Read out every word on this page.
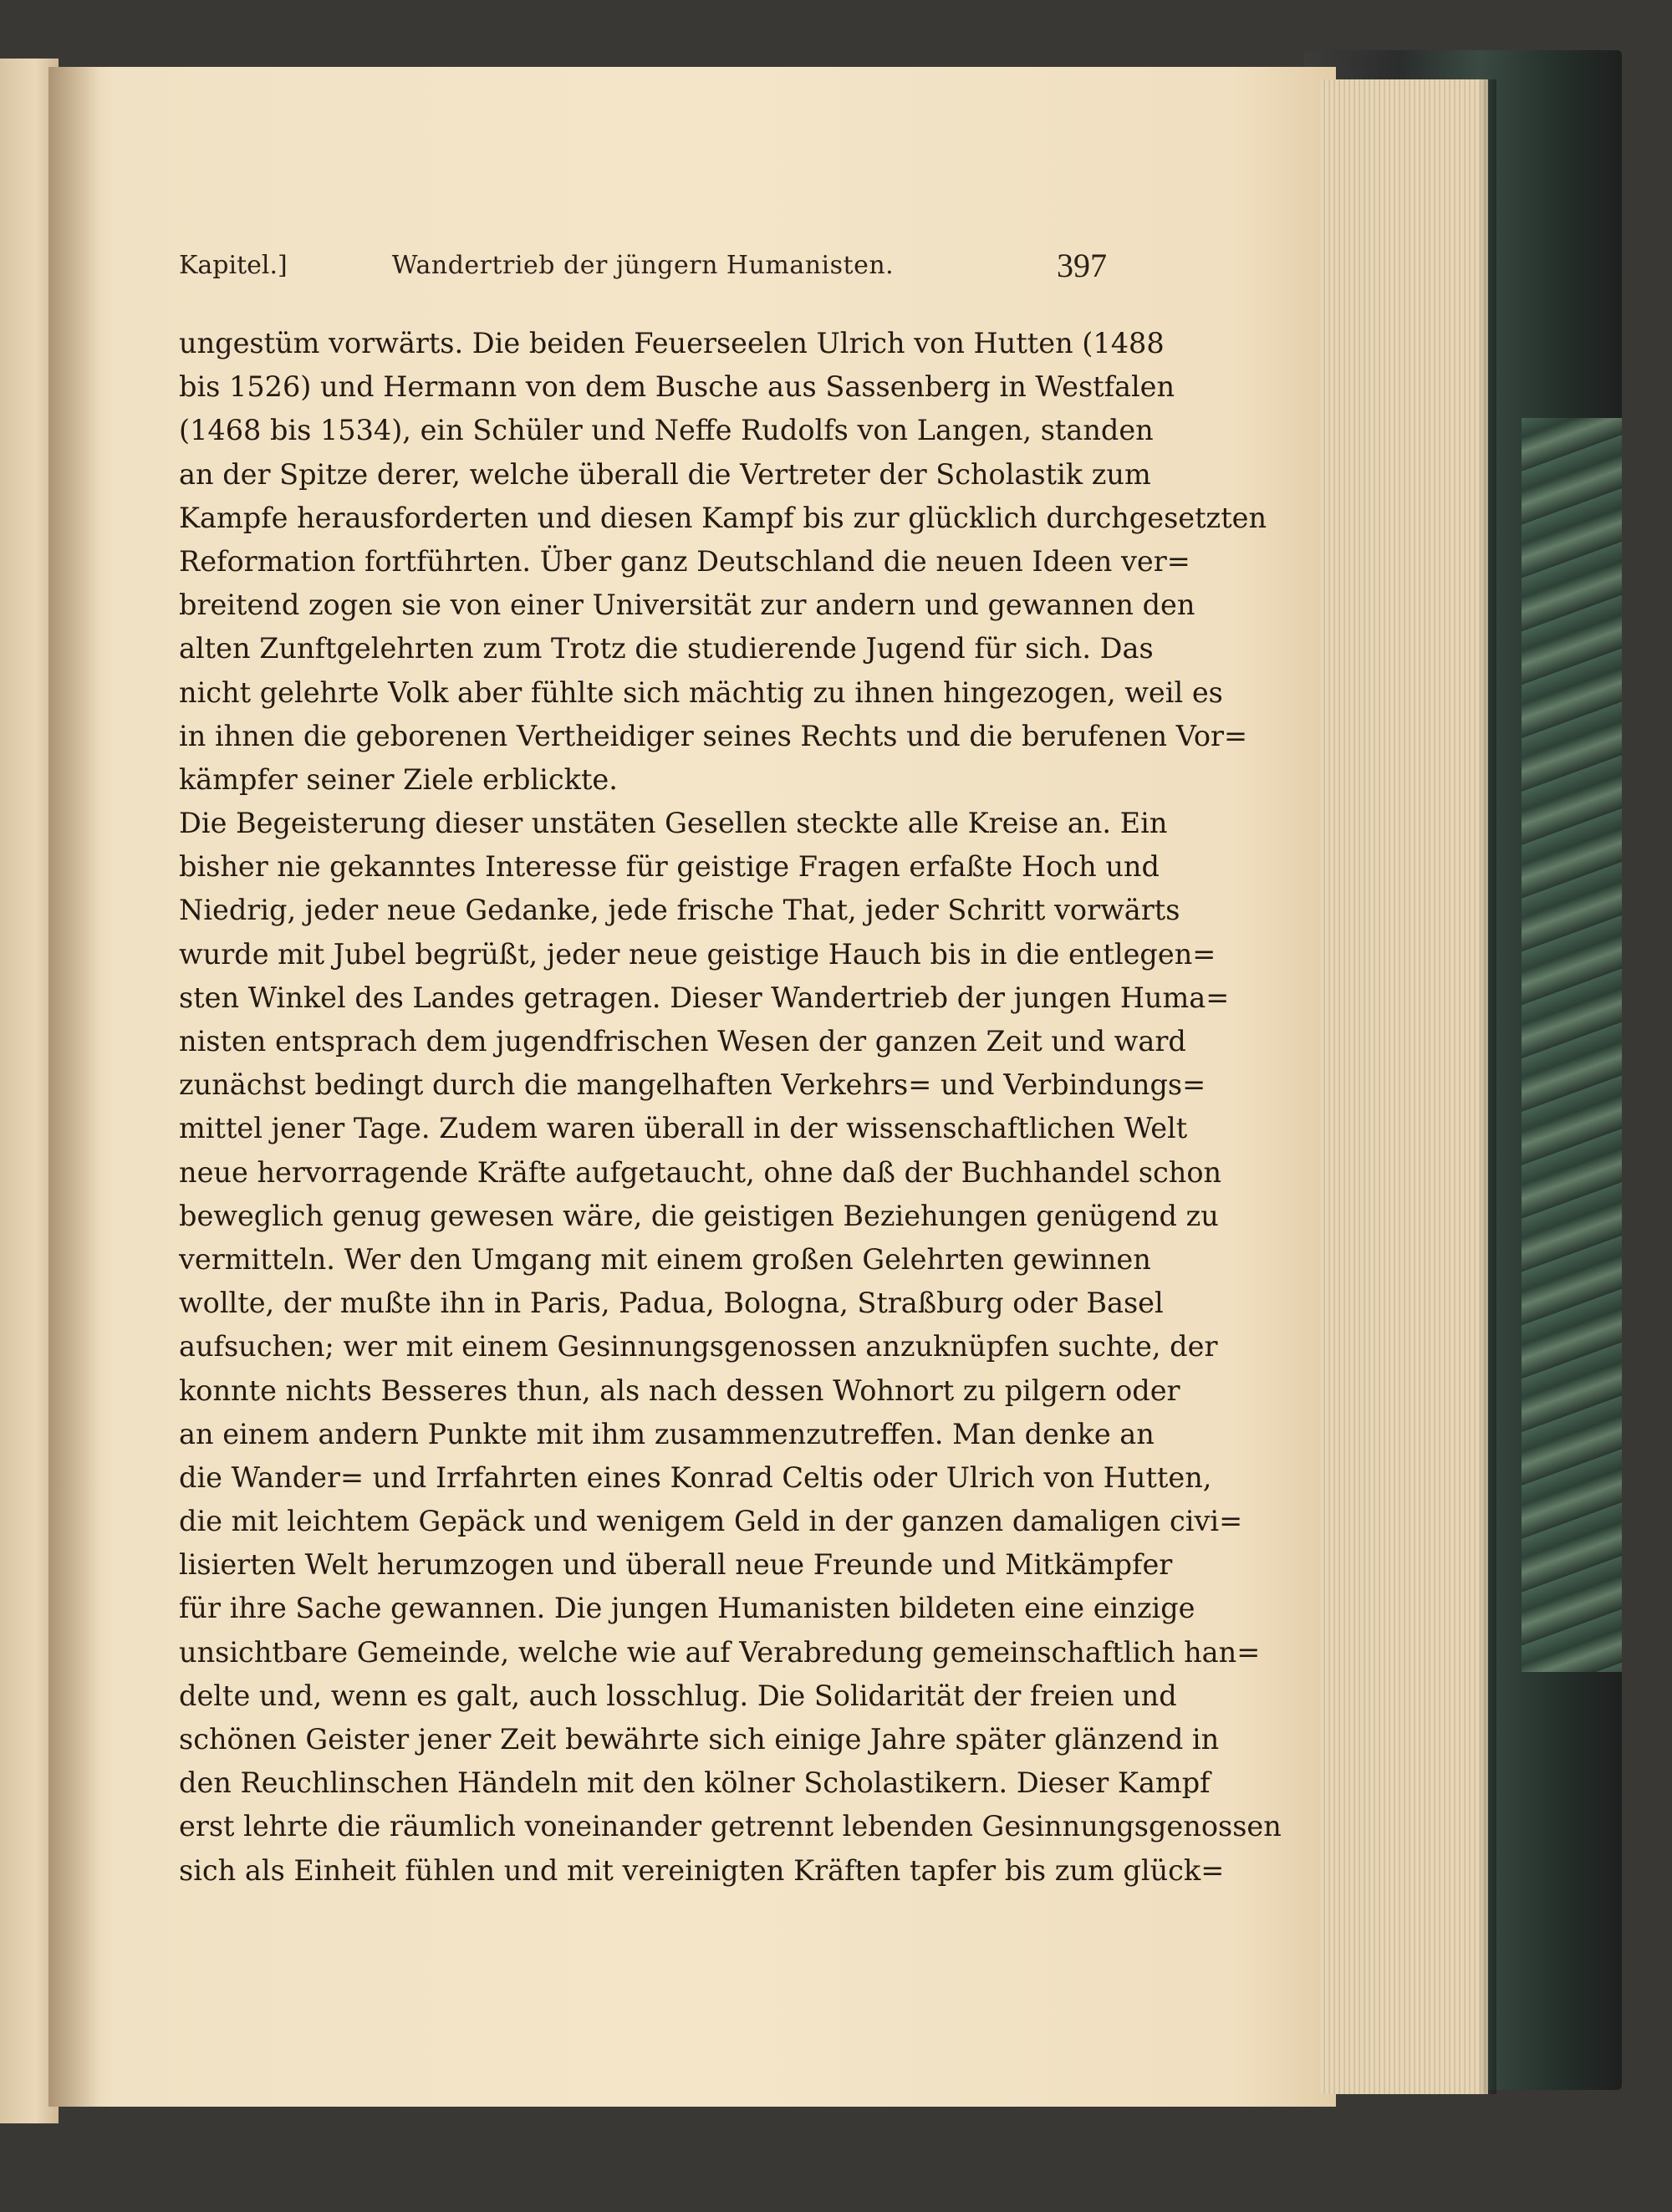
Kapitel.]	Wandertrieb der jüngern Humanisten.	397
ungestüm vorwärts. Die beiden Feuerseelen Ulrich von Hutten (1488
bis 1526) und Hermann von dem Busche aus Sassenberg in Westfalen
(1468 bis 1534), ein Schüler und Neffe Rudolfs von Langen, standen
an der Spitze derer, welche überall die Vertreter der Scholastik zum
Kampfe herausforderten und diesen Kampf bis zur glücklich durchgesetzten
Reformation fortführten. Über ganz Deutschland die neuen Ideen ver=
breitend zogen sie von einer Universität zur andern und gewannen den
alten Zunftgelehrten zum Trotz die studierende Jugend für sich. Das
nicht gelehrte Volk aber fühlte sich mächtig zu ihnen hingezogen, weil es
in ihnen die geborenen Vertheidiger seines Rechts und die berufenen Vor=
kämpfer seiner Ziele erblickte.
Die Begeisterung dieser unstäten Gesellen steckte alle Kreise an. Ein
bisher nie gekanntes Interesse für geistige Fragen erfaßte Hoch und
Niedrig, jeder neue Gedanke, jede frische That, jeder Schritt vorwärts
wurde mit Jubel begrüßt, jeder neue geistige Hauch bis in die entlegen=
sten Winkel des Landes getragen. Dieser Wandertrieb der jungen Huma=
nisten entsprach dem jugendfrischen Wesen der ganzen Zeit und ward
zunächst bedingt durch die mangelhaften Verkehrs= und Verbindungs=
mittel jener Tage. Zudem waren überall in der wissenschaftlichen Welt
neue hervorragende Kräfte aufgetaucht, ohne daß der Buchhandel schon
beweglich genug gewesen wäre, die geistigen Beziehungen genügend zu
vermitteln. Wer den Umgang mit einem großen Gelehrten gewinnen
wollte, der mußte ihn in Paris, Padua, Bologna, Straßburg oder Basel
aufsuchen; wer mit einem Gesinnungsgenossen anzuknüpfen suchte, der
konnte nichts Besseres thun, als nach dessen Wohnort zu pilgern oder
an einem andern Punkte mit ihm zusammenzutreffen. Man denke an
die Wander= und Irrfahrten eines Konrad Celtis oder Ulrich von Hutten,
die mit leichtem Gepäck und wenigem Geld in der ganzen damaligen civi=
lisierten Welt herumzogen und überall neue Freunde und Mitkämpfer
für ihre Sache gewannen. Die jungen Humanisten bildeten eine einzige
unsichtbare Gemeinde, welche wie auf Verabredung gemeinschaftlich han=
delte und, wenn es galt, auch losschlug. Die Solidarität der freien und
schönen Geister jener Zeit bewährte sich einige Jahre später glänzend in
den Reuchlinschen Händeln mit den kölner Scholastikern. Dieser Kampf
erst lehrte die räumlich voneinander getrennt lebenden Gesinnungsgenossen
sich als Einheit fühlen und mit vereinigten Kräften tapfer bis zum glück=
